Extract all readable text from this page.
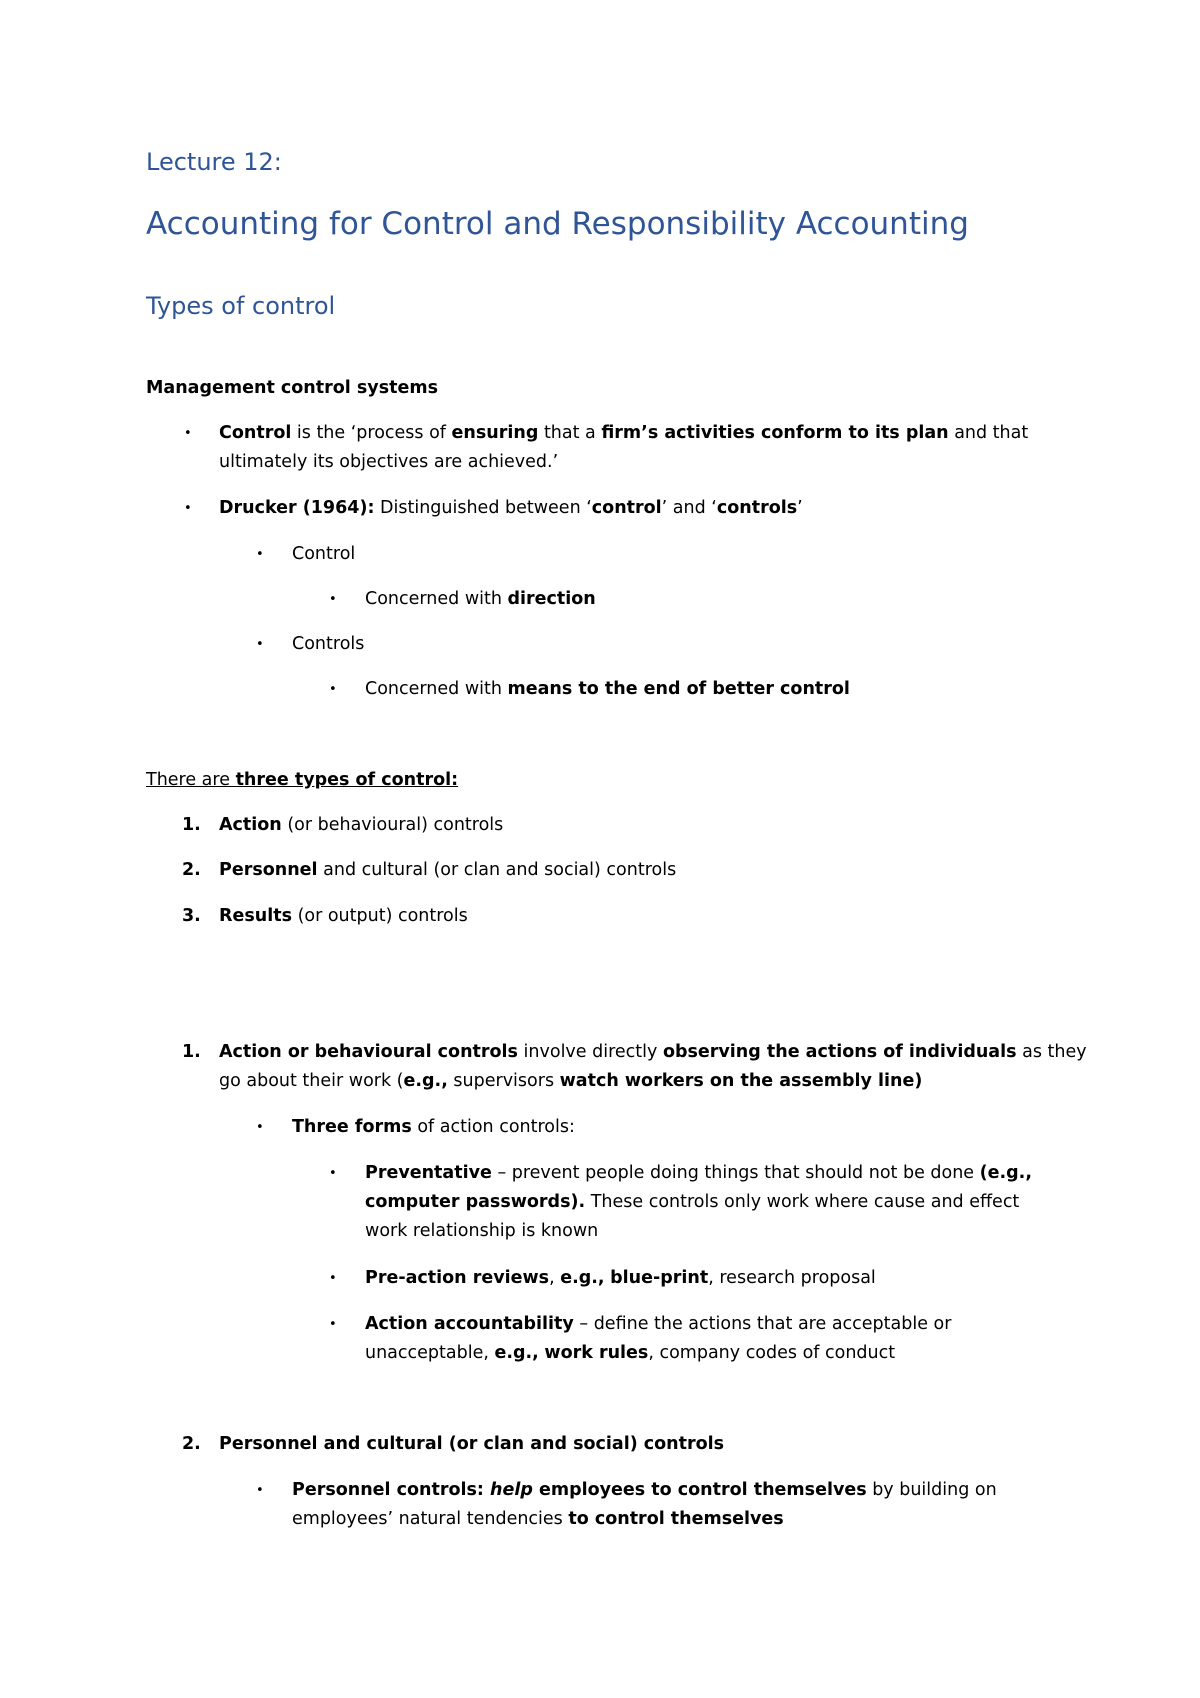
Lecture 12:
Accounting for Control and Responsibility Accounting
Types of control
Management control systems
• Control is the ‘process of ensuring that a firm’s activities conform to its plan and that
ultimately its objectives are achieved.’
• Drucker (1964): Distinguished between ‘control’ and ‘controls’
• Control
• Concerned with direction
• Controls
• Concerned with means to the end of better control
There are three types of control:
1. Action (or behavioural) controls
2. Personnel and cultural (or clan and social) controls
3. Results (or output) controls
1. Action or behavioural controls involve directly observing the actions of individuals as they
go about their work (e.g., supervisors watch workers on the assembly line)
• Three forms of action controls:
• Preventative – prevent people doing things that should not be done (e.g.,
computer passwords). These controls only work where cause and effect
work relationship is known
• Pre-action reviews, e.g., blue-print, research proposal
• Action accountability – define the actions that are acceptable or
unacceptable, e.g., work rules, company codes of conduct
2. Personnel and cultural (or clan and social) controls
• Personnel controls: help employees to control themselves by building on
employees’ natural tendencies to control themselves
